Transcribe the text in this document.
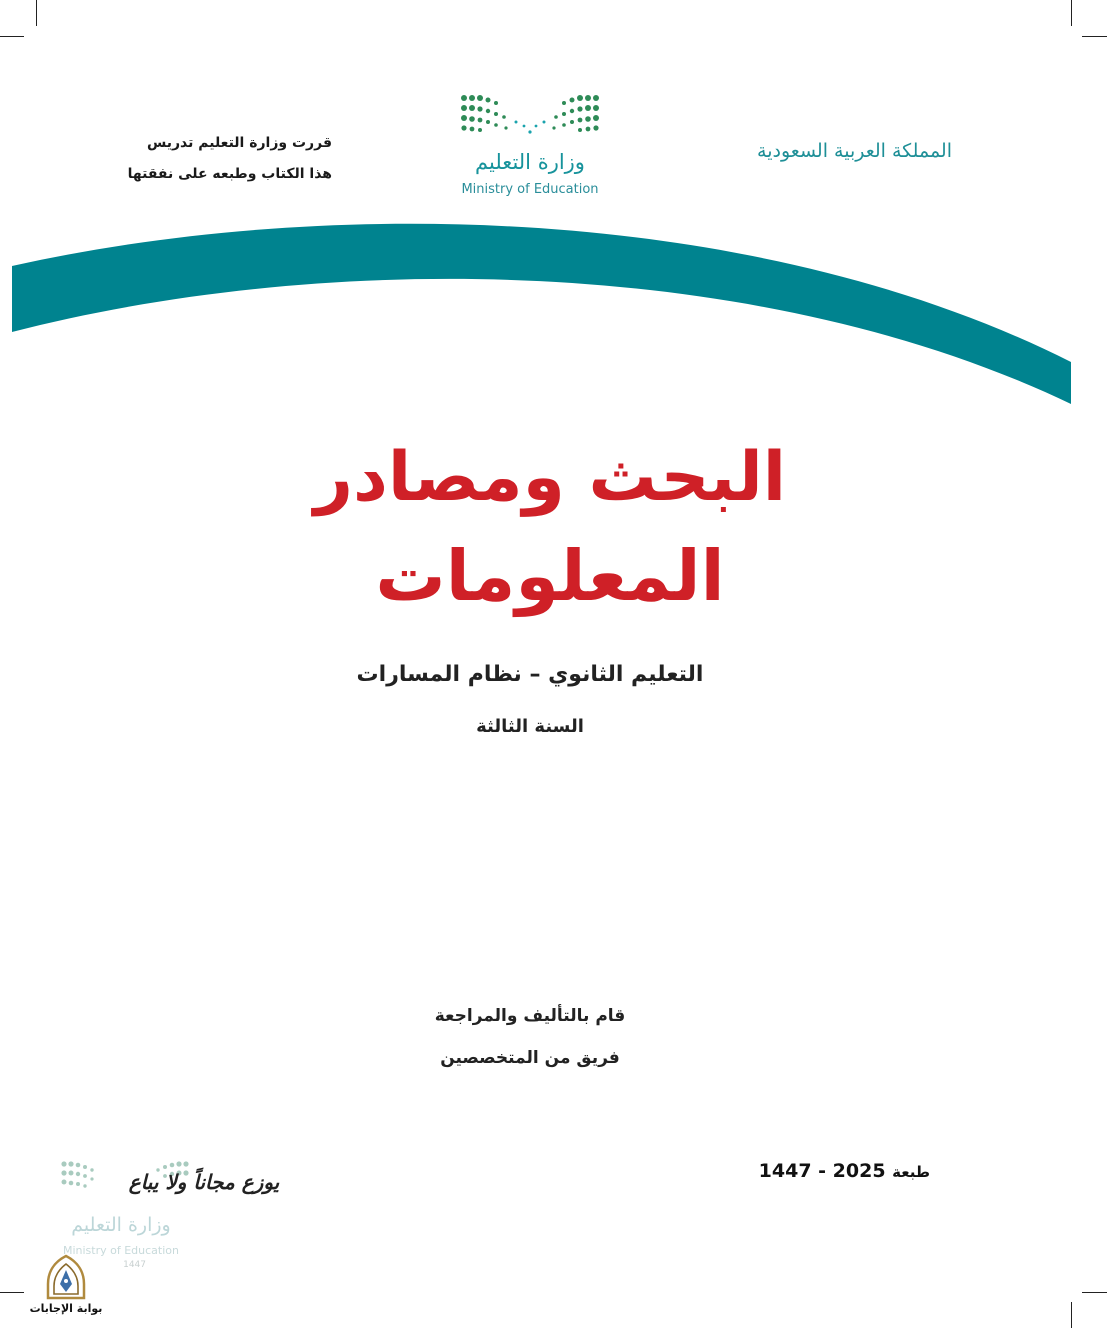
قررت وزارة التعليم تدريس
هذا الكتاب وطبعه على نفقتها
المملكة العربية السعودية
وزارة التعليم
Ministry of Education
البحث ومصادر
المعلومات
التعليم الثانوي – نظام المسارات
السنة الثالثة
قام بالتأليف والمراجعة
فريق من المتخصصين
1447 - 2025 طبعة
يوزع مجاناً ولا يباع
وزارة التعليم
Ministry of Education
1447
بوابة الإجابات
